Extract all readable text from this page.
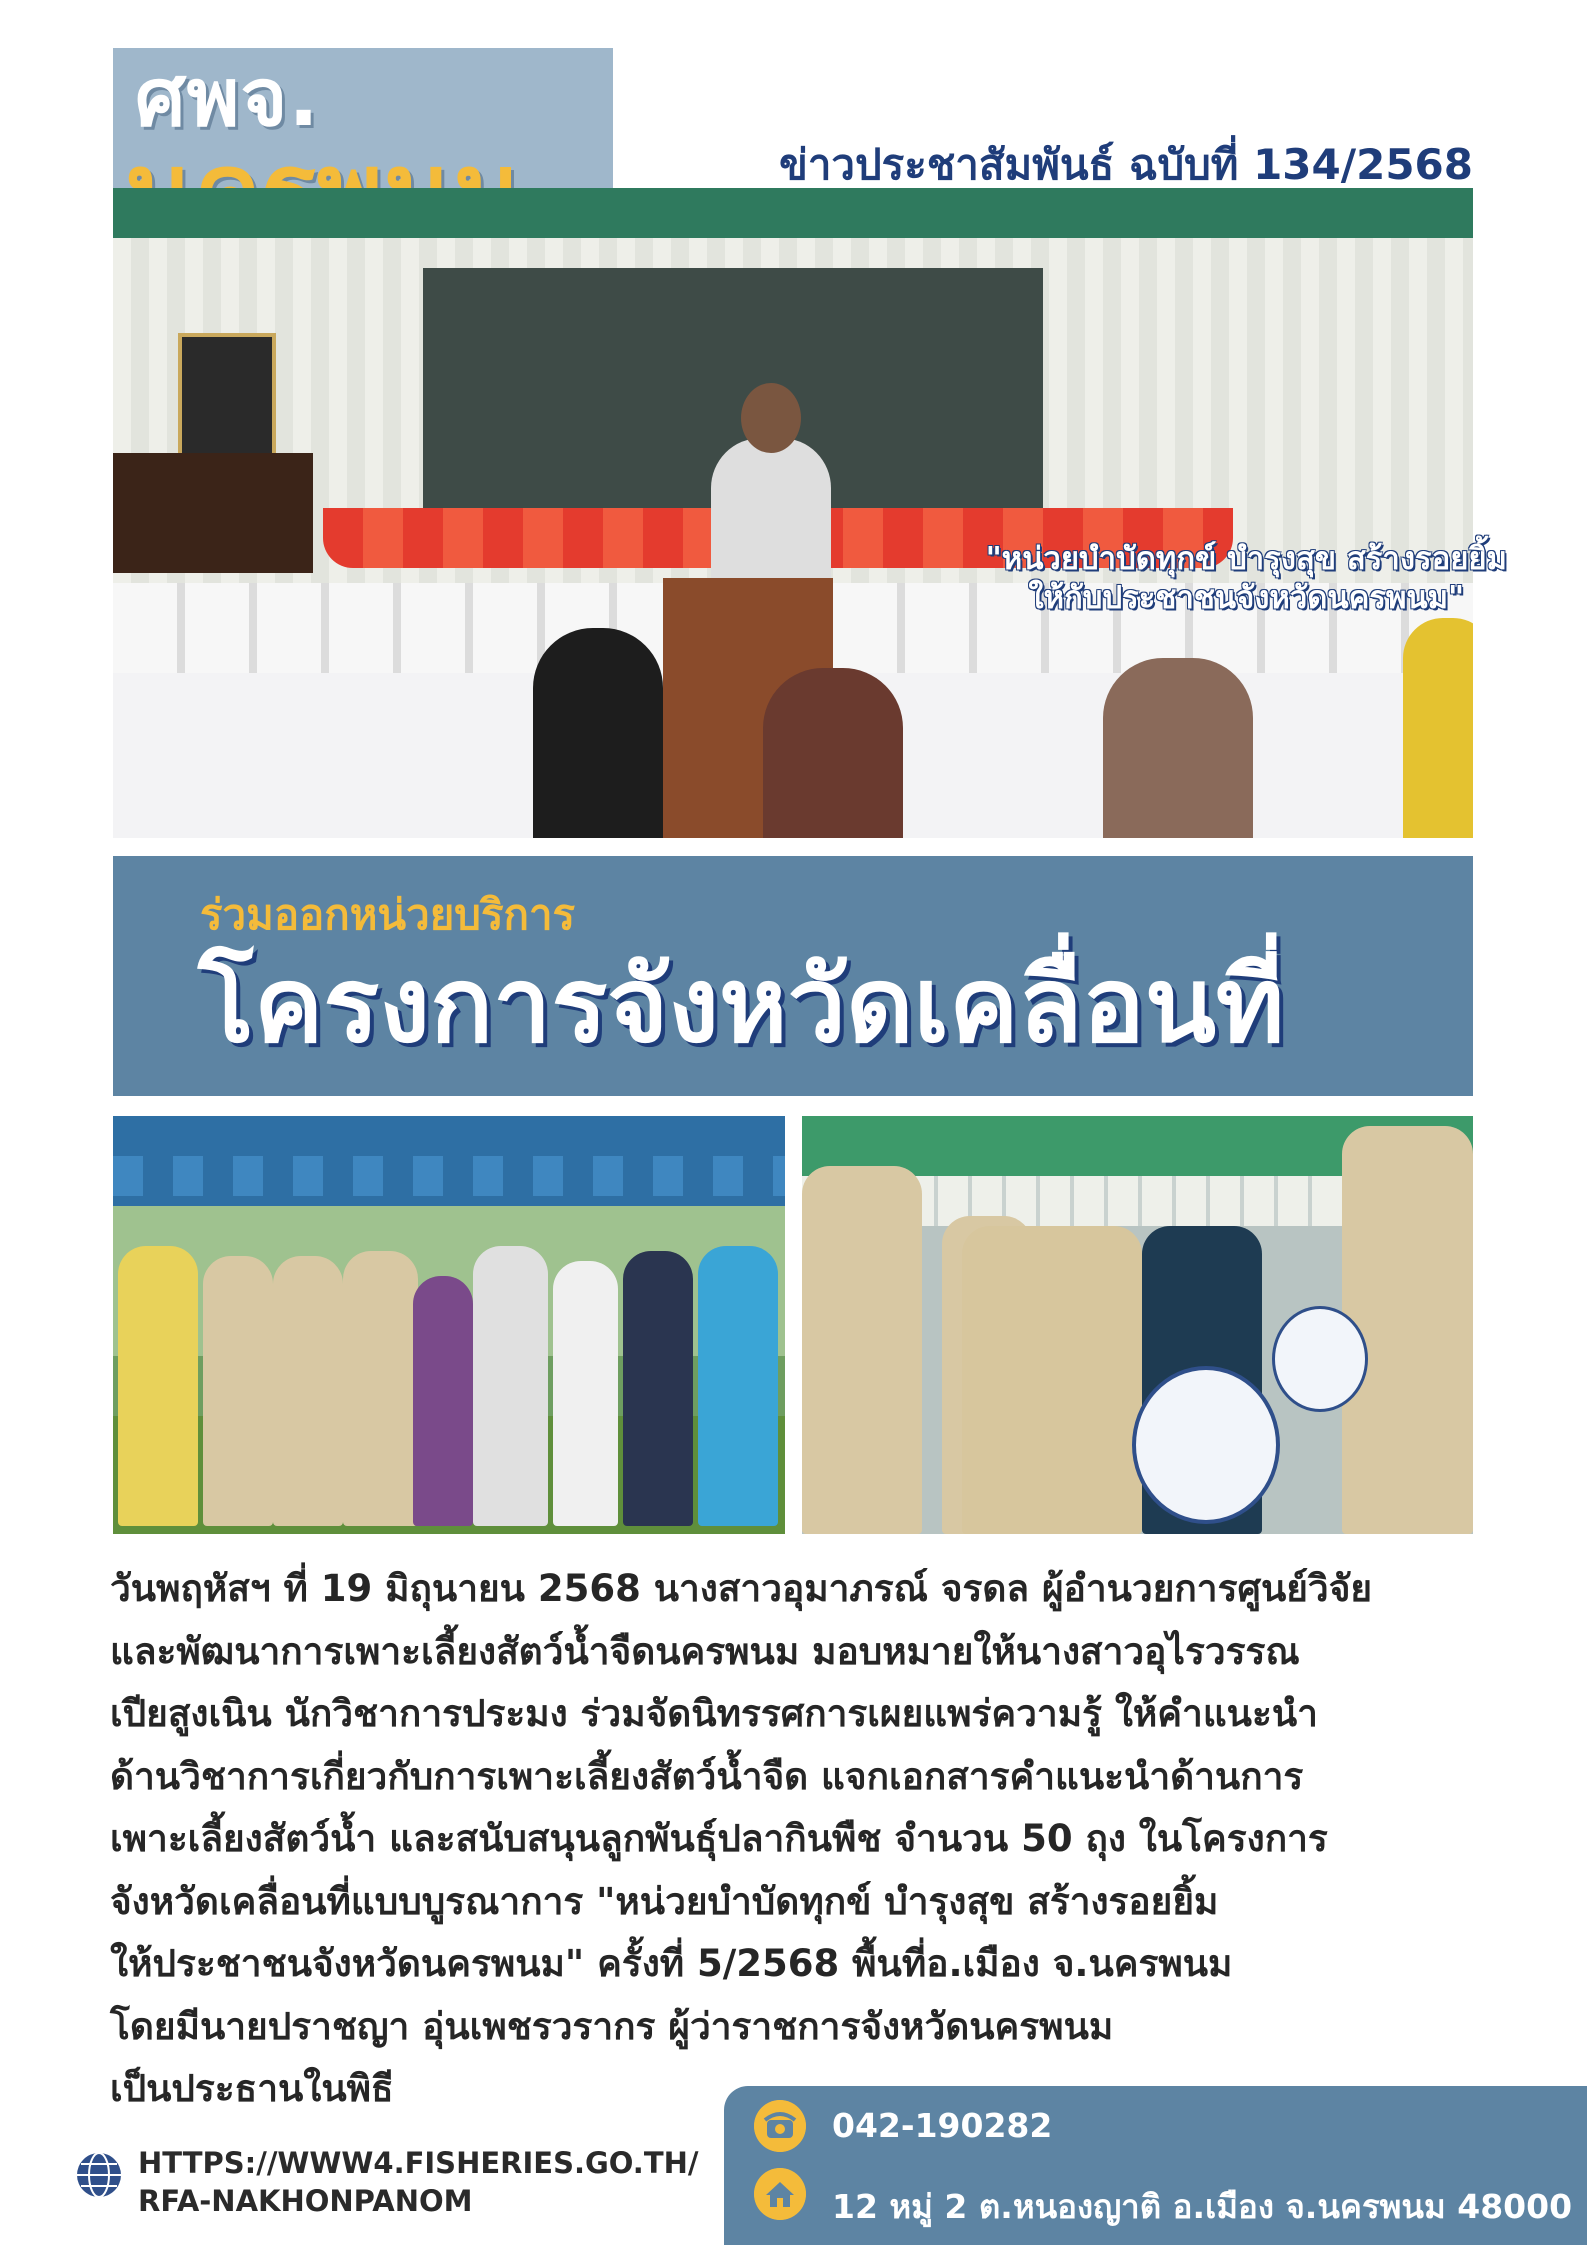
ศพจ.
ข่าวประชาสัมพันธ์ ฉบับที่ 134/2568
"หน่วยบำบัดทุกข์ บำรุงสุข สร้างรอยยิ้ม
ให้กับประชาชนจังหวัดนครพนม"
ร่วมออกหน่วยบริการ
โครงการจังหวัดเคลื่อนที่
วันพฤหัสฯ ที่ 19 มิถุนายน 2568 นางสาวอุมาภรณ์ จรดล ผู้อำนวยการศูนย์วิจัย
และพัฒนาการเพาะเลี้ยงสัตว์น้ำจืดนครพนม มอบหมายให้นางสาวอุไรวรรณ
เปียสูงเนิน นักวิชาการประมง ร่วมจัดนิทรรศการเผยแพร่ความรู้ ให้คำแนะนำ
ด้านวิชาการเกี่ยวกับการเพาะเลี้ยงสัตว์น้ำจืด แจกเอกสารคำแนะนำด้านการ
เพาะเลี้ยงสัตว์น้ำ และสนับสนุนลูกพันธุ์ปลากินพืช จำนวน 50 ถุง ในโครงการ
จังหวัดเคลื่อนที่แบบบูรณาการ "หน่วยบำบัดทุกข์ บำรุงสุข สร้างรอยยิ้ม
ให้ประชาชนจังหวัดนครพนม" ครั้งที่ 5/2568 พื้นที่อ.เมือง จ.นครพนม
โดยมีนายปราชญา อุ่นเพชรวรากร ผู้ว่าราชการจังหวัดนครพนม
เป็นประธานในพิธี
HTTPS://WWW4.FISHERIES.GO.TH/
RFA-NAKHONPANOM
042-190282
12 หมู่ 2 ต.หนองญาติ อ.เมือง จ.นครพนม 48000
